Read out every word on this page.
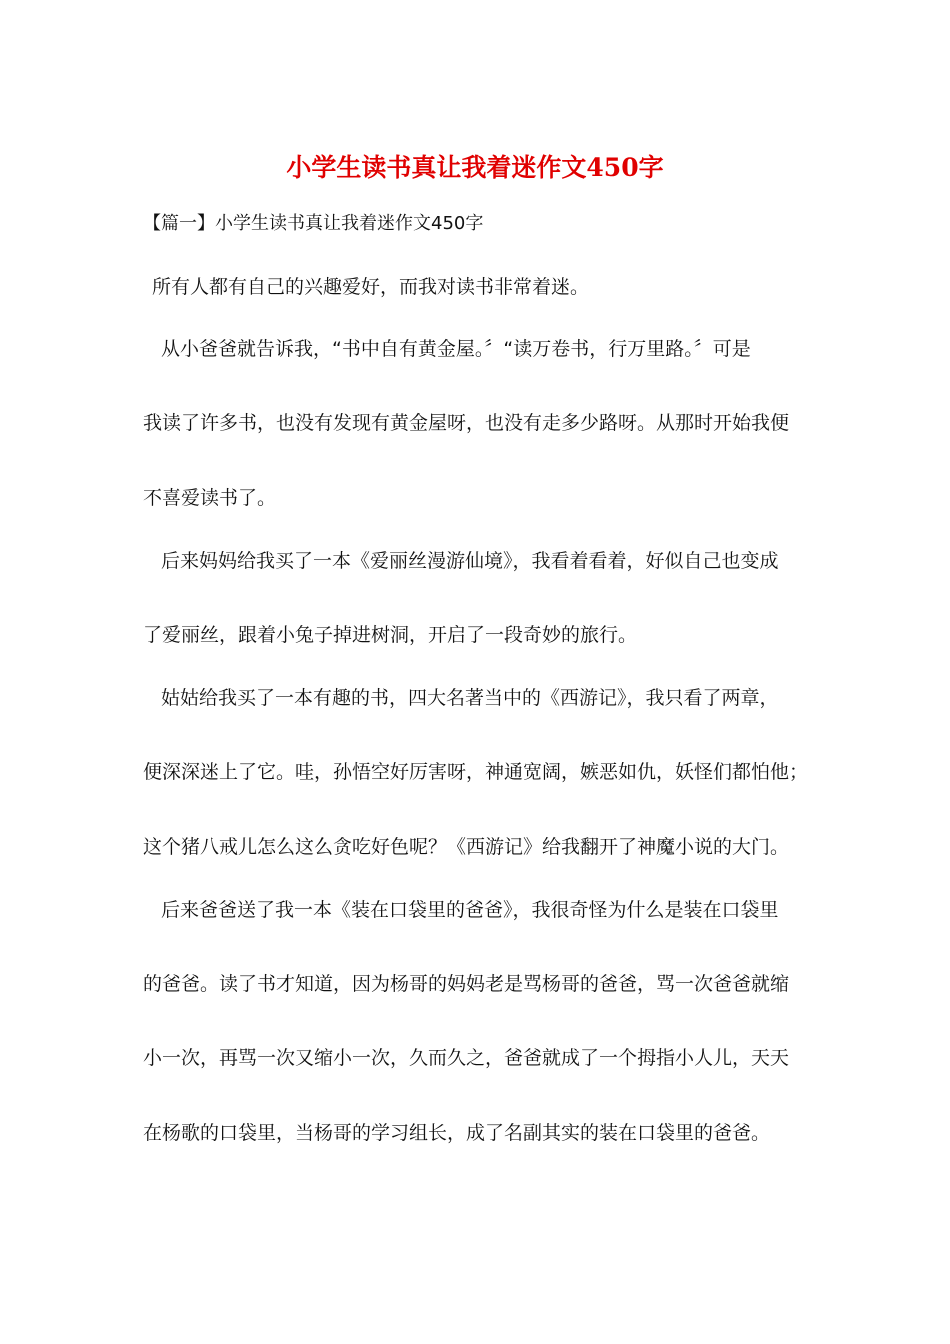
小学生读书真让我着迷作文450字
【篇一】小学生读书真让我着迷作文450字
所有人都有自己的兴趣爱好，而我对读书非常着迷。
从小爸爸就告诉我，“书中自有黄金屋。〞“读万卷书，行万里路。〞可是
我读了许多书，也没有发现有黄金屋呀，也没有走多少路呀。从那时开始我便
不喜爱读书了。
后来妈妈给我买了一本《爱丽丝漫游仙境》，我看着看着，好似自己也变成
了爱丽丝，跟着小兔子掉进树洞，开启了一段奇妙的旅行。
姑姑给我买了一本有趣的书，四大名著当中的《西游记》，我只看了两章，
便深深迷上了它。哇，孙悟空好厉害呀，神通宽阔，嫉恶如仇，妖怪们都怕他；
这个猪八戒儿怎么这么贪吃好色呢？《西游记》给我翻开了神魔小说的大门。
后来爸爸送了我一本《装在口袋里的爸爸》，我很奇怪为什么是装在口袋里
的爸爸。读了书才知道，因为杨哥的妈妈老是骂杨哥的爸爸，骂一次爸爸就缩
小一次，再骂一次又缩小一次，久而久之，爸爸就成了一个拇指小人儿，天天
在杨歌的口袋里，当杨哥的学习组长，成了名副其实的装在口袋里的爸爸。
